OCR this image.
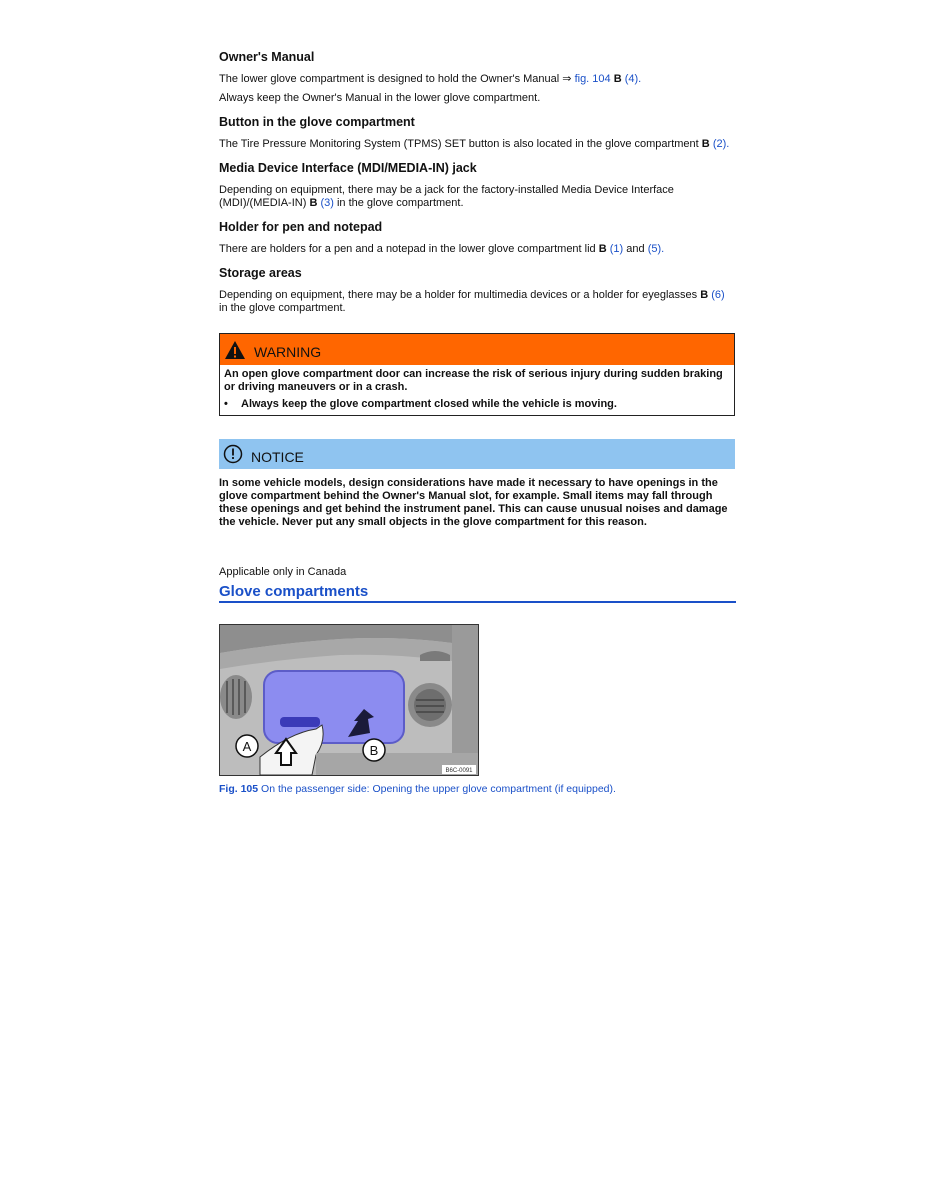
Owner's Manual

The lower glove compartment is designed to hold the Owner's Manual ⇒ fig. 104 B (4).

Always keep the Owner's Manual in the lower glove compartment.

Button in the glove compartment

The Tire Pressure Monitoring System (TPMS) SET button is also located in the glove compartment B (2).

Media Device Interface (MDI/MEDIA-IN) jack

Depending on equipment, there may be a jack for the factory-installed Media Device Interface (MDI)/(MEDIA-IN) B (3) in the glove compartment.

Holder for pen and notepad

There are holders for a pen and a notepad in the lower glove compartment lid B (1) and (5).

Storage areas

Depending on equipment, there may be a holder for multimedia devices or a holder for eyeglasses B (6) in the glove compartment.

WARNING
An open glove compartment door can increase the risk of serious injury during sudden braking or driving maneuvers or in a crash.
•	Always keep the glove compartment closed while the vehicle is moving.
NOTICE
In some vehicle models, design considerations have made it necessary to have openings in the glove compartment behind the Owner's Manual slot, for example. Small items may fall through these openings and get behind the instrument panel. This can cause unusual noises and damage the vehicle. Never put any small objects in the glove compartment for this reason.
Applicable only in Canada
Glove compartments
A	B
B6C-0091
Fig. 105 On the passenger side: Opening the upper glove compartment (if equipped).
